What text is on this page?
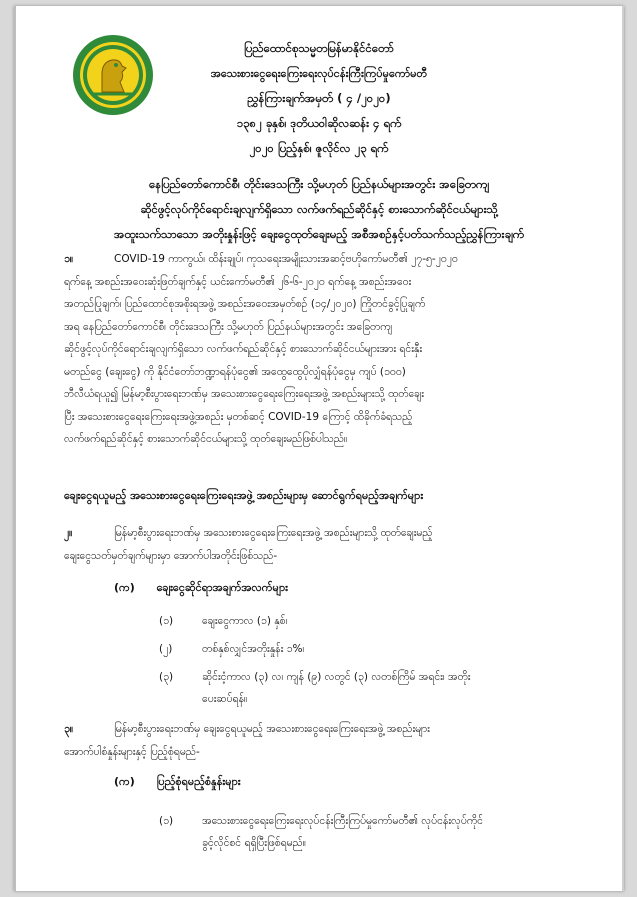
ပြည်ထောင်စုသမ္မတမြန်မာနိုင်ငံတော်
အသေးစားငွေရေးကြေးရေးလုပ်ငန်းကြီးကြပ်မှုကော်မတီ
ညွှန်ကြားချက်အမှတ် ( ၄ /၂၀၂၀)
၁၃၈၂ ခုနှစ်၊ ဒုတိယဝါဆိုလဆန်း ၄ ရက်
၂၀၂၀ ပြည့်နှစ်၊ ဇူလိုင်လ ၂၃ ရက်
နေပြည်တော်ကောင်စီ၊ တိုင်းဒေသကြီး သို့မဟုတ် ပြည်နယ်များအတွင်း အခြေတကျ
ဆိုင်ဖွင့်လုပ်ကိုင်ရောင်းချလျက်ရှိသော လက်ဖက်ရည်ဆိုင်နှင့် စားသောက်ဆိုင်ငယ်များသို့
အထူးသက်သာသော အတိုးနှုန်းဖြင့် ချေးငွေထုတ်ချေးမည့် အစီအစဉ်နှင့်ပတ်သက်သည့်ညွှန်ကြားချက်
၁။	COVID-19 ကာကွယ်၊ ထိန်းချုပ်၊ ကုသရေးအမျိုးသားအဆင့်ဗဟိုကော်မတီ၏ ၂၇-၅-၂၀၂၀
ရက်နေ့ အစည်းအဝေးဆုံးဖြတ်ချက်နှင့် ယင်းကော်မတီ၏ ၂၆-၆-၂၀၂၀ ရက်နေ့ အစည်းအဝေး
အတည်ပြုချက်၊ ပြည်ထောင်စုအစိုးရအဖွဲ့ အစည်းအဝေးအမှတ်စဉ် (၁၄/၂၀၂၀) ကြိုတင်ခွင့်ပြုချက်
အရ နေပြည်တော်ကောင်စီ၊ တိုင်းဒေသကြီး သို့မဟုတ် ပြည်နယ်များအတွင်း အခြေတကျ
ဆိုင်ဖွင့်လုပ်ကိုင်ရောင်းချလျက်ရှိသော လက်ဖက်ရည်ဆိုင်နှင့် စားသောက်ဆိုင်ငယ်များအား ရင်းနှီး
မတည်ငွေ (ချေးငွေ) ကို နိုင်ငံတော်ဘဏ္ဍာရန်ပုံငွေ၏ အထွေထွေပိုလျှံရန်ပုံငွေမှ ကျပ် (၁၀၀)
ဘီလီယံရယူ၍ မြန်မာ့စီးပွားရေးဘဏ်မှ အသေးစားငွေရေးကြေးရေးအဖွဲ့ အစည်းများသို့ ထုတ်ချေး
ပြီး အသေးစားငွေရေးကြေးရေးအဖွဲ့အစည်း မှတစ်ဆင့် COVID-19 ကြောင့် ထိခိုက်ခံရသည့်
လက်ဖက်ရည်ဆိုင်နှင့် စားသောက်ဆိုင်ငယ်များသို့ ထုတ်ချေးမည်ဖြစ်ပါသည်။
ချေးငွေရယူမည့် အသေးစားငွေရေးကြေးရေးအဖွဲ့ အစည်းများမှ ဆောင်ရွက်ရမည့်အချက်များ
၂။	မြန်မာ့စီးပွားရေးဘဏ်မှ အသေးစားငွေရေးကြေးရေးအဖွဲ့ အစည်းများသို့ ထုတ်ချေးမည့်
ချေးငွေသတ်မှတ်ချက်များမှာ အောက်ပါအတိုင်းဖြစ်သည်-
(က) ချေးငွေဆိုင်ရာအချက်အလက်များ
(၁)	ချေးငွေကာလ (၁) နှစ်၊
(၂)	တစ်နှစ်လျှင်အတိုးနှုန်း ၁%၊
(၃)	ဆိုင်းငံ့ကာလ (၃) လ၊ ကျန် (၉) လတွင် (၃) လတစ်ကြိမ် အရင်း၊ အတိုး
ပေးဆပ်ရန်။
၃။	မြန်မာ့စီးပွားရေးဘဏ်မှ ချေးငွေရယူမည့် အသေးစားငွေရေးကြေးရေးအဖွဲ့ အစည်းများ
အောက်ပါစံနှုန်းများနှင့် ပြည့်စုံရမည်-
(က) ပြည့်စုံရမည့်စံနှုန်းများ
(၁)	အသေးစားငွေရေးကြေးရေးလုပ်ငန်းကြီးကြပ်မှုကော်မတီ၏ လုပ်ငန်းလုပ်ကိုင်
ခွင့်လိုင်စင် ရရှိပြီးဖြစ်ရမည်။
